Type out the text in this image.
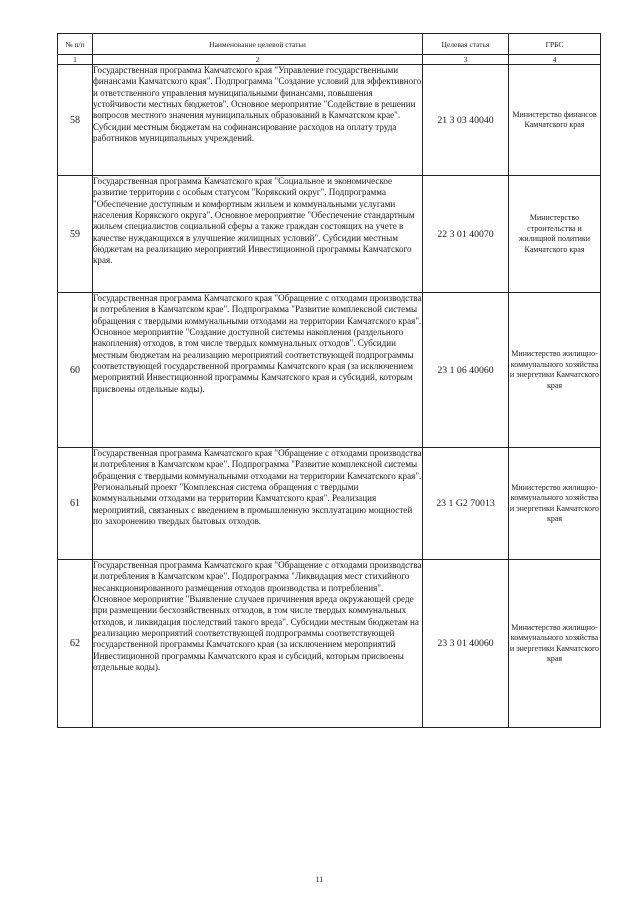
№ п/п	Наименование целевой статьи	Целевая статья	ГРБС
1	2	3	4
58	Государственная программа Камчатского края "Управление государственными финансами Камчатского края". Подпрограмма "Создание условий для эффективного и ответственного управления муниципальными финансами, повышения устойчивости местных бюджетов". Основное мероприятие "Содействие в решении вопросов местного значения муниципальных образований в Камчатском крае". Субсидии местным бюджетам на софинансирование расходов на оплату труда работников муниципальных учреждений.	21 3 03 40040	Министерство финансов Камчатского края
59	Государственная программа Камчатского края "Социальное и экономическое развитие территории с особым статусом "Корякский округ". Подпрограмма "Обеспечение доступным и комфортным жильем и коммунальными услугами населения Корякского округа". Основное мероприятие "Обеспечение стандартным жильем специалистов социальной сферы а также граждан состоящих на учете в качестве нуждающихся в улучшение жилищных условий". Субсидии местным бюджетам на реализацию мероприятий Инвестиционной программы Камчатского края.	22 3 01 40070	Министерство строительства и жилищной политики Камчатского края
60	Государственная программа Камчатского края "Обращение с отходами производства и потребления в Камчатском крае". Подпрограмма "Развитие комплексной системы обращения с твердыми коммунальными отходами на территории Камчатского края". Основное мероприятие "Создание доступной системы накопления (раздельного накопления) отходов, в том числе твердых коммунальных отходов". Субсидии местным бюджетам на реализацию мероприятий соответствующей подпрограммы соответствующей государственной программы Камчатского края (за исключением мероприятий Инвестиционной программы Камчатского края и субсидий, которым присвоены отдельные коды).	23 1 06 40060	Министерство жилищно-коммунального хозяйства и энергетики Камчатского края
61	Государственная программа Камчатского края "Обращение с отходами производства и потребления в Камчатском крае". Подпрограмма "Развитие комплексной системы обращения с твердыми коммунальными отходами на территории Камчатского края". Региональный проект "Комплексная система обращения с твердыми коммунальными отходами на территории Камчатского края". Реализация мероприятий, связанных с введением в промышленную эксплуатацию мощностей по захоронению твердых бытовых отходов.	23 1 G2 70013	Министерство жилищно-коммунального хозяйства и энергетики Камчатского края
62	Государственная программа Камчатского края "Обращение с отходами производства и потребления в Камчатском крае". Подпрограмма "Ликвидация мест стихийного несанкционированного размещения отходов производства и потребления". Основное мероприятие "Выявление случаев причинения вреда окружающей среде при размещении бесхозяйственных отходов, в том числе твердых коммунальных отходов, и ликвидация последствий такого вреда". Субсидии местным бюджетам на реализацию мероприятий соответствующей подпрограммы соответствующей государственной программы Камчатского края (за исключением мероприятий Инвестиционной программы Камчатского края и субсидий, которым присвоены отдельные коды).	23 3 01 40060	Министерство жилищно-коммунального хозяйства и энергетики Камчатского края
11
